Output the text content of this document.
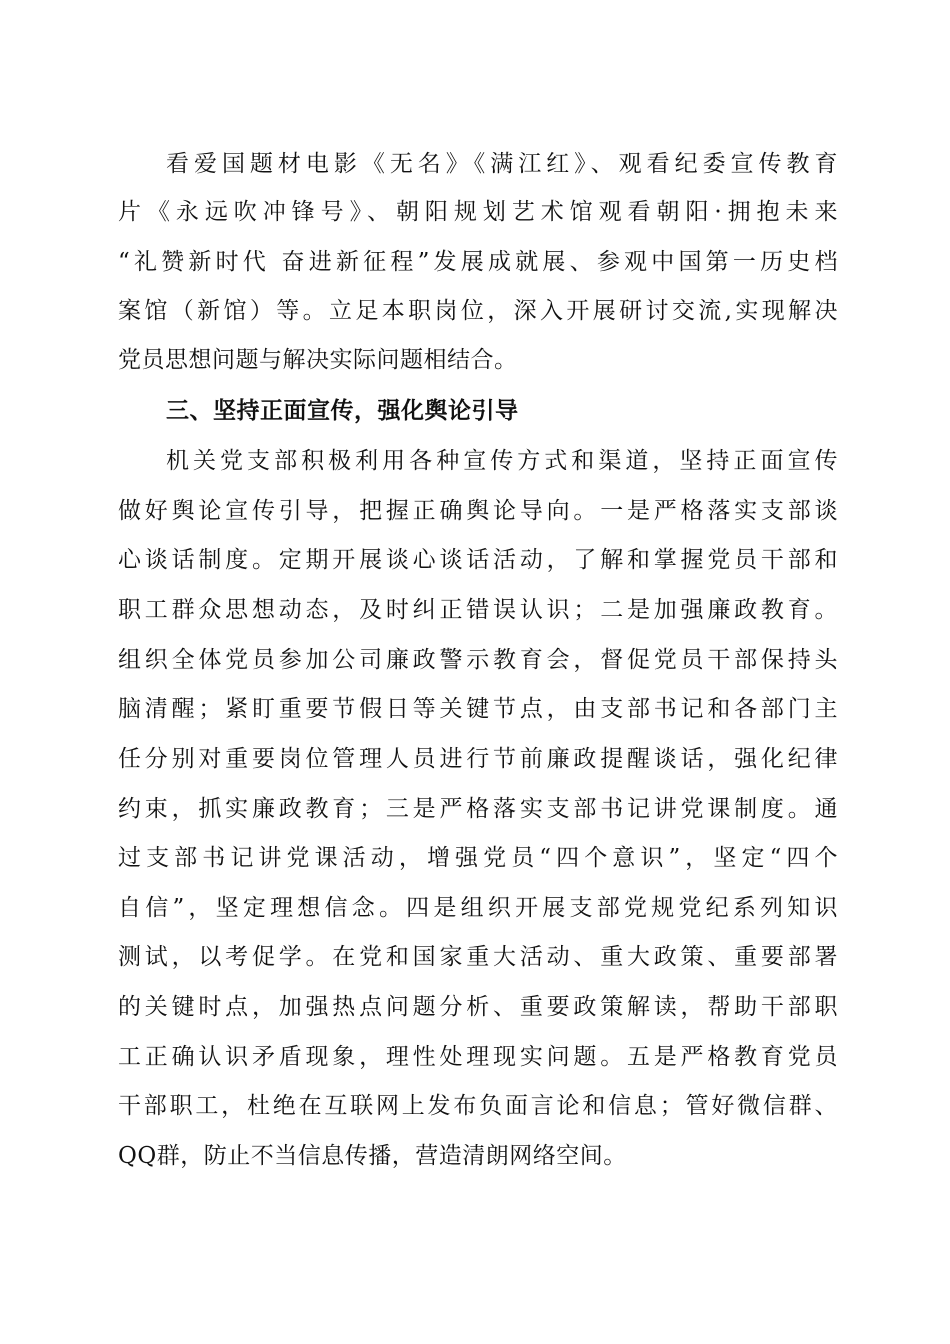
看爱国题材电影《无名》《满江红》、观看纪委宣传教育
片《永远吹冲锋号》、朝阳规划艺术馆观看朝阳·拥抱未来
“礼赞新时代 奋进新征程”发展成就展、参观中国第一历史档
案馆（新馆）等。立足本职岗位，深入开展研讨交流,实现解决
党员思想问题与解决实际问题相结合。
三、坚持正面宣传，强化舆论引导
机关党支部积极利用各种宣传方式和渠道，坚持正面宣传
做好舆论宣传引导，把握正确舆论导向。一是严格落实支部谈
心谈话制度。定期开展谈心谈话活动，了解和掌握党员干部和
职工群众思想动态，及时纠正错误认识；二是加强廉政教育。
组织全体党员参加公司廉政警示教育会，督促党员干部保持头
脑清醒；紧盯重要节假日等关键节点，由支部书记和各部门主
任分别对重要岗位管理人员进行节前廉政提醒谈话，强化纪律
约束，抓实廉政教育；三是严格落实支部书记讲党课制度。通
过支部书记讲党课活动，增强党员“四个意识”，坚定“四个
自信”，坚定理想信念。四是组织开展支部党规党纪系列知识
测试，以考促学。在党和国家重大活动、重大政策、重要部署
的关键时点，加强热点问题分析、重要政策解读，帮助干部职
工正确认识矛盾现象，理性处理现实问题。五是严格教育党员
干部职工，杜绝在互联网上发布负面言论和信息；管好微信群、
QQ群，防止不当信息传播，营造清朗网络空间。
